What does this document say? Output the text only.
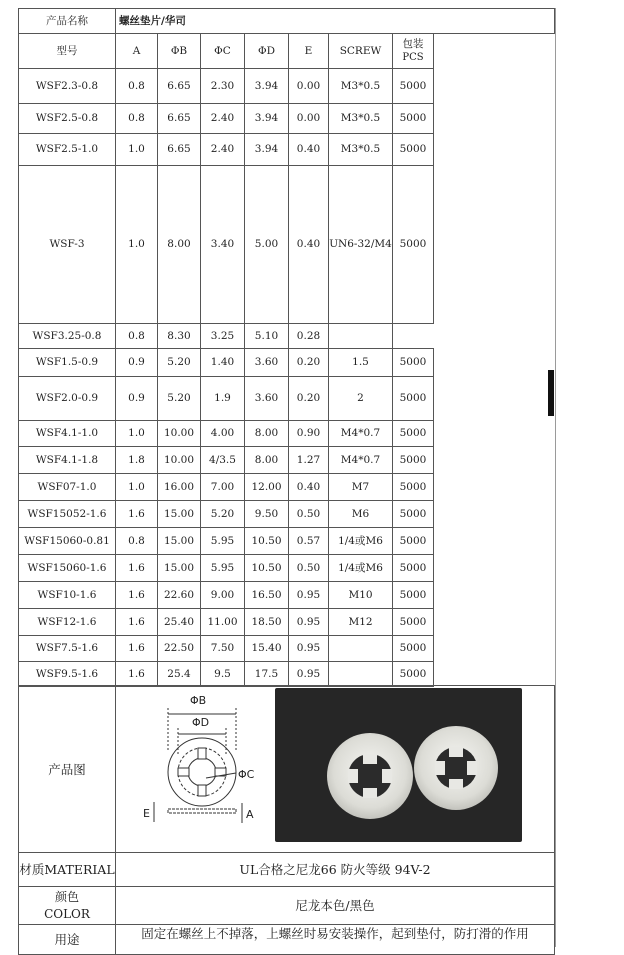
产品名称	螺丝垫片/华司							
型号	A	ΦB	ΦC	ΦD	E	SCREW	包装
PCS	

WSF2.3-0.8	0.8	6.65	2.30	3.94	0.00	M3*0.5	5000	
WSF2.5-0.8	0.8	6.65	2.40	3.94	0.00	M3*0.5	5000	
WSF2.5-1.0	1.0	6.65	2.40	3.94	0.40	M3*0.5	5000	
WSF-3	1.0	8.00	3.40	5.00	0.40	UN6-32/M4	5000	
WSF3.25-0.8	0.8	8.30	3.25	5.10	0.28			
WSF1.5-0.9	0.9	5.20	1.40	3.60	0.20	1.5	5000	
WSF2.0-0.9	0.9	5.20	1.9	3.60	0.20	2	5000	
WSF4.1-1.0	1.0	10.00	4.00	8.00	0.90	M4*0.7	5000	
WSF4.1-1.8	1.8	10.00	4/3.5	8.00	1.27	M4*0.7	5000	
WSF07-1.0	1.0	16.00	7.00	12.00	0.40	M7	5000	
WSF15052-1.6	1.6	15.00	5.20	9.50	0.50	M6	5000	
WSF15060-0.81	0.8	15.00	5.95	10.50	0.57	1/4或M6	5000	
WSF15060-1.6	1.6	15.00	5.95	10.50	0.50	1/4或M6	5000	
WSF10-1.6	1.6	22.60	9.00	16.50	0.95	M10	5000	
WSF12-1.6	1.6	25.40	11.00	18.50	0.95	M12	5000	
WSF7.5-1.6	1.6	22.50	7.50	15.40	0.95		5000	
WSF9.5-1.6	1.6	25.4	9.5	17.5	0.95		5000	
产品图	
材质MATERIAL	UL合格之尼龙66 防火等级 94V-2

颜色
COLOR	尼龙本色/黑色
用途	固定在螺丝上不掉落，上螺丝时易安装操作，起到垫付，防打滑的作用
ΦB
ΦD
ΦC
E	A
